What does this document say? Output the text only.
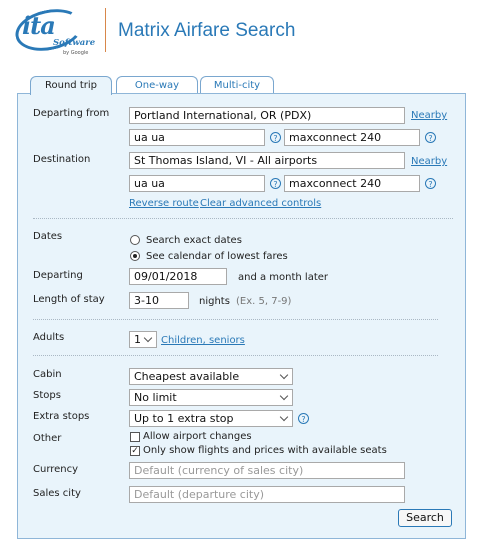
ita
Software
by Google
Matrix Airfare Search
Round trip	One-way	Multi-city
Departing from	Portland International, OR (PDX)	Nearby
ua ua	?	maxconnect 240	?
Destination	St Thomas Island, VI - All airports	Nearby
ua ua	?	maxconnect 240	?
Reverse route Clear advanced controls
Dates	Search exact dates
See calendar of lowest fares
Departing	09/01/2018	and a month later
Length of stay	3-10	nights (Ex. 5, 7-9)
Adults	1	Children, seniors
Cabin	Cheapest available
Stops	No limit
Extra stops	Up to 1 extra stop	?
Other	Allow airport changes
✓ Only show flights and prices with available seats
Currency	Default (currency of sales city)
Sales city	Default (departure city)
Search
